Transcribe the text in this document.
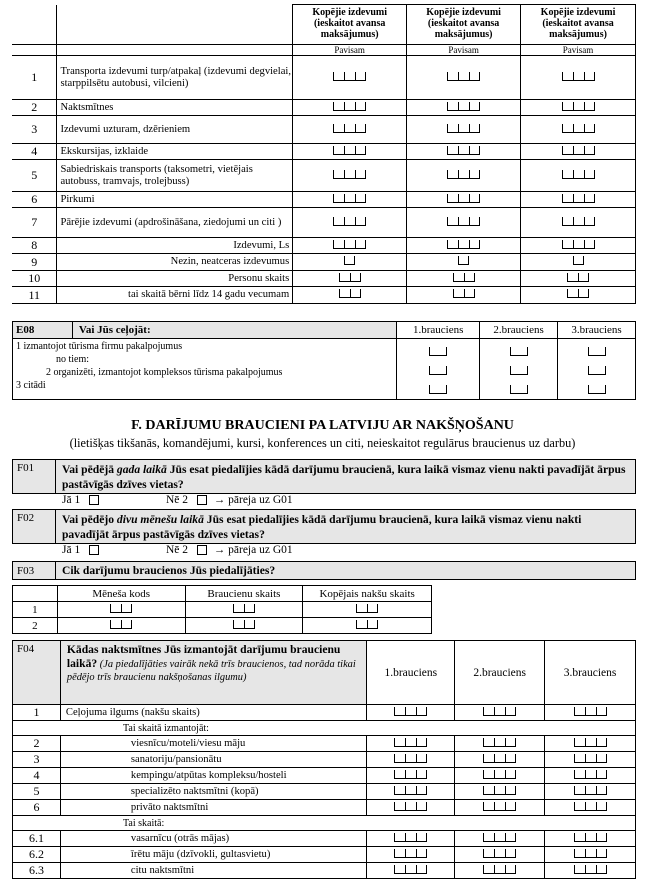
		Kopējie izdevumi (ieskaitot avansa maksājumus)	Kopējie izdevumi (ieskaitot avansa maksājumus)	Kopējie izdevumi (ieskaitot avansa maksājumus)
		Pavisam	Pavisam	Pavisam
1	Transporta izdevumi turp/atpakaļ (izdevumi degvielai, starppilsētu autobusi, vilcieni)	

2	Naktsmītnes	

3	Izdevumi uzturam, dzērieniem	

4	Ekskursijas, izklaide	

5	Sabiedriskais transports (taksometri, vietējais autobuss, tramvajs, trolejbuss)	

6	Pirkumi	

7	Pārējie izdevumi (apdrošināšana, ziedojumi un citi )	

8	Izdevumi, Ls	

9	Nezin, neatceras izdevumus	

10	Personu skaits	

11	tai skaitā bērni līdz 14 gadu vecumam	

E08	Vai Jūs ceļojāt:	1.brauciens	2.brauciens	3.brauciens

1 izmantojot tūrisma firmu pakalpojumus
no tiem:
2 organizēti, izmantojot kompleksos tūrisma pakalpojumus
3 citādi				

F. DARĪJUMU BRAUCIENI PA LATVIJU AR NAKŠŅOŠANU
(lietišķas tikšanās, komandējumi, kursi, konferences un citi, neieskaitot regulārus braucienus uz darbu)
F01	Vai pēdējā gada laikā Jūs esat piedalījies kādā darījumu braucienā, kura laikā vismaz vienu nakti pavadījāt ārpus pastāvīgās dzīves vietas?
Jā 1	Nē 2 → pāreja uz G01
F02	Vai pēdējo divu mēnešu laikā Jūs esat piedalījies kādā darījumu braucienā, kura laikā vismaz vienu nakti pavadījāt ārpus pastāvīgās dzīves vietas?
Jā 1	Nē 2 → pāreja uz G01
F03	Cik darījumu braucienos Jūs piedalījāties?
	Mēneša kods	Braucienu skaits	Kopējais nakšu skaits
1	

2	

F04	Kādas naktsmītnes Jūs izmantojāt darījumu braucienu laikā? (Ja piedalījāties vairāk nekā trīs braucienos, tad norāda tikai pēdējo trīs braucienu nakšņošanas ilgumu)	1.brauciens	2.brauciens	3.brauciens
1	Ceļojuma ilgums (nakšu skaits)	

Tai skaitā izmantojāt:				
2	viesnīcu/moteli/viesu māju	

3	sanatoriju/pansionātu	

4	kempingu/atpūtas kompleksu/hosteli	

5	specializēto naktsmītni (kopā)	

6	privāto naktsmītni	

Tai skaitā:				
6.1	vasarnīcu (otrās mājas)	

6.2	īrētu māju (dzīvokli, gultasvietu)	

6.3	citu naktsmītni	
